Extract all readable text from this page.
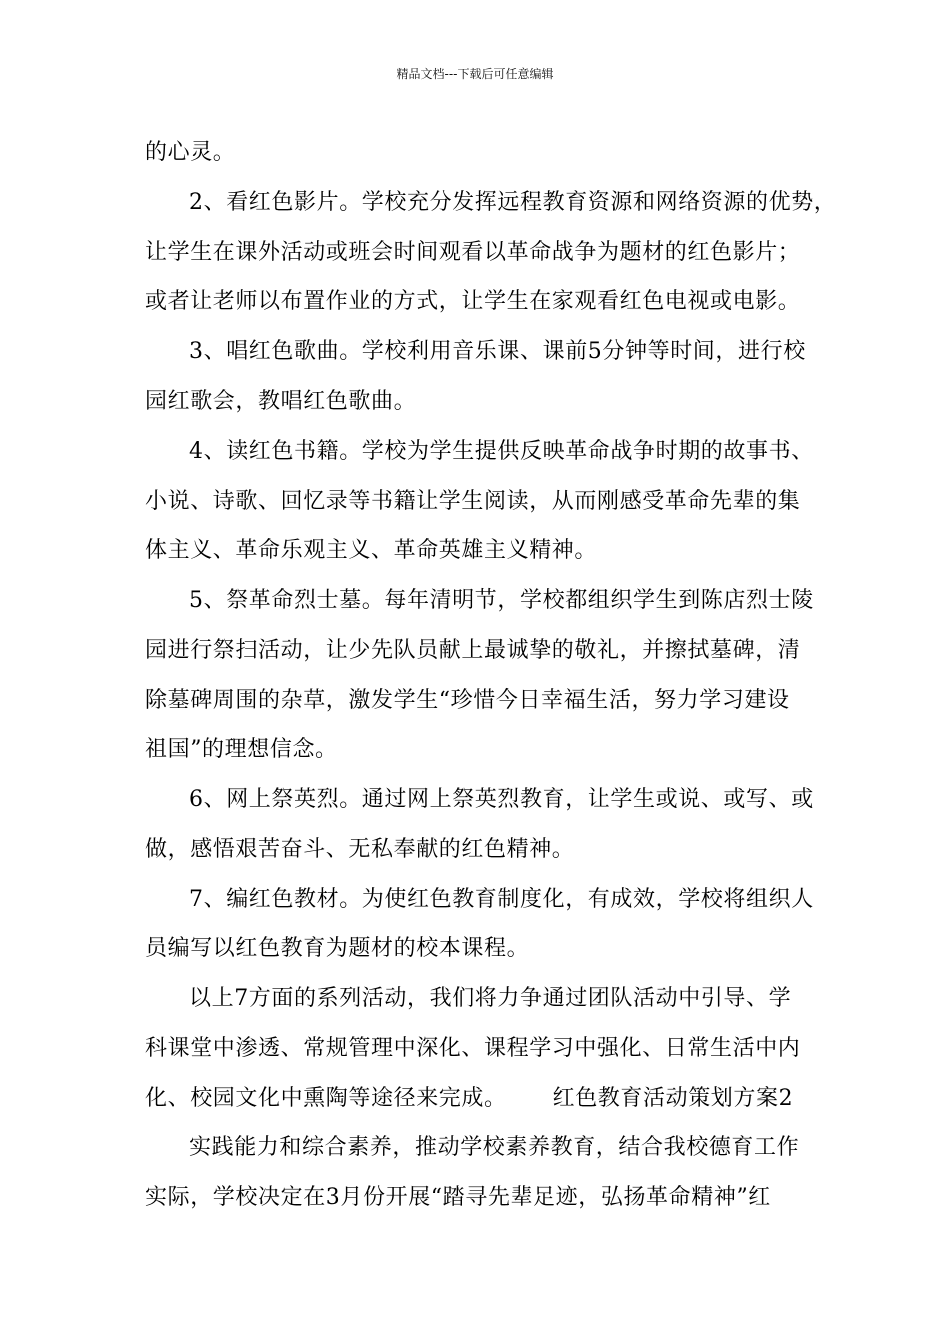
精品文档---下载后可任意编辑
的心灵。
2、看红色影片。学校充分发挥远程教育资源和网络资源的优势，
让学生在课外活动或班会时间观看以革命战争为题材的红色影片；
或者让老师以布置作业的方式，让学生在家观看红色电视或电影。
3、唱红色歌曲。学校利用音乐课、课前5分钟等时间，进行校
园红歌会，教唱红色歌曲。
4、读红色书籍。学校为学生提供反映革命战争时期的故事书、
小说、诗歌、回忆录等书籍让学生阅读，从而刚感受革命先辈的集
体主义、革命乐观主义、革命英雄主义精神。
5、祭革命烈士墓。每年清明节，学校都组织学生到陈店烈士陵
园进行祭扫活动，让少先队员献上最诚挚的敬礼，并擦拭墓碑，清
除墓碑周围的杂草，激发学生“珍惜今日幸福生活，努力学习建设
祖国”的理想信念。
6、网上祭英烈。通过网上祭英烈教育，让学生或说、或写、或
做，感悟艰苦奋斗、无私奉献的红色精神。
7、编红色教材。为使红色教育制度化，有成效，学校将组织人
员编写以红色教育为题材的校本课程。
以上7方面的系列活动，我们将力争通过团队活动中引导、学
科课堂中渗透、常规管理中深化、课程学习中强化、日常生活中内
化、校园文化中熏陶等途径来完成。 红色教育活动策划方案2
实践能力和综合素养，推动学校素养教育，结合我校德育工作
实际，学校决定在3月份开展“踏寻先辈足迹，弘扬革命精神”红
